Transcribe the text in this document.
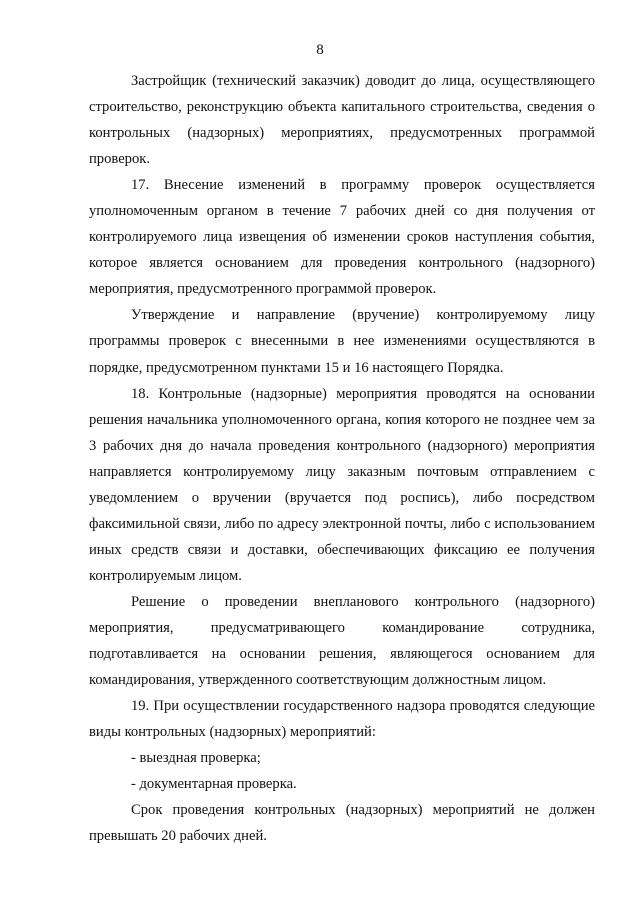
8

Застройщик (технический заказчик) доводит до лица, осуществляющего строительство, реконструкцию объекта капитального строительства, сведения о контрольных (надзорных) мероприятиях, предусмотренных программой проверок.

17. Внесение изменений в программу проверок осуществляется уполномоченным органом в течение 7 рабочих дней со дня получения от контролируемого лица извещения об изменении сроков наступления события, которое является основанием для проведения контрольного (надзорного) мероприятия, предусмотренного программой проверок.

Утверждение и направление (вручение) контролируемому лицу программы проверок с внесенными в нее изменениями осуществляются в порядке, предусмотренном пунктами 15 и 16 настоящего Порядка.

18. Контрольные (надзорные) мероприятия проводятся на основании решения начальника уполномоченного органа, копия которого не позднее чем за 3 рабочих дня до начала проведения контрольного (надзорного) мероприятия направляется контролируемому лицу заказным почтовым отправлением с уведомлением о вручении (вручается под роспись), либо посредством факсимильной связи, либо по адресу электронной почты, либо с использованием иных средств связи и доставки, обеспечивающих фиксацию ее получения контролируемым лицом.

Решение о проведении внепланового контрольного (надзорного) мероприятия, предусматривающего командирование сотрудника, подготавливается на основании решения, являющегося основанием для командирования, утвержденного соответствующим должностным лицом.

19. При осуществлении государственного надзора проводятся следующие виды контрольных (надзорных) мероприятий:

- выездная проверка;

- документарная проверка.

Срок проведения контрольных (надзорных) мероприятий не должен превышать 20 рабочих дней.
